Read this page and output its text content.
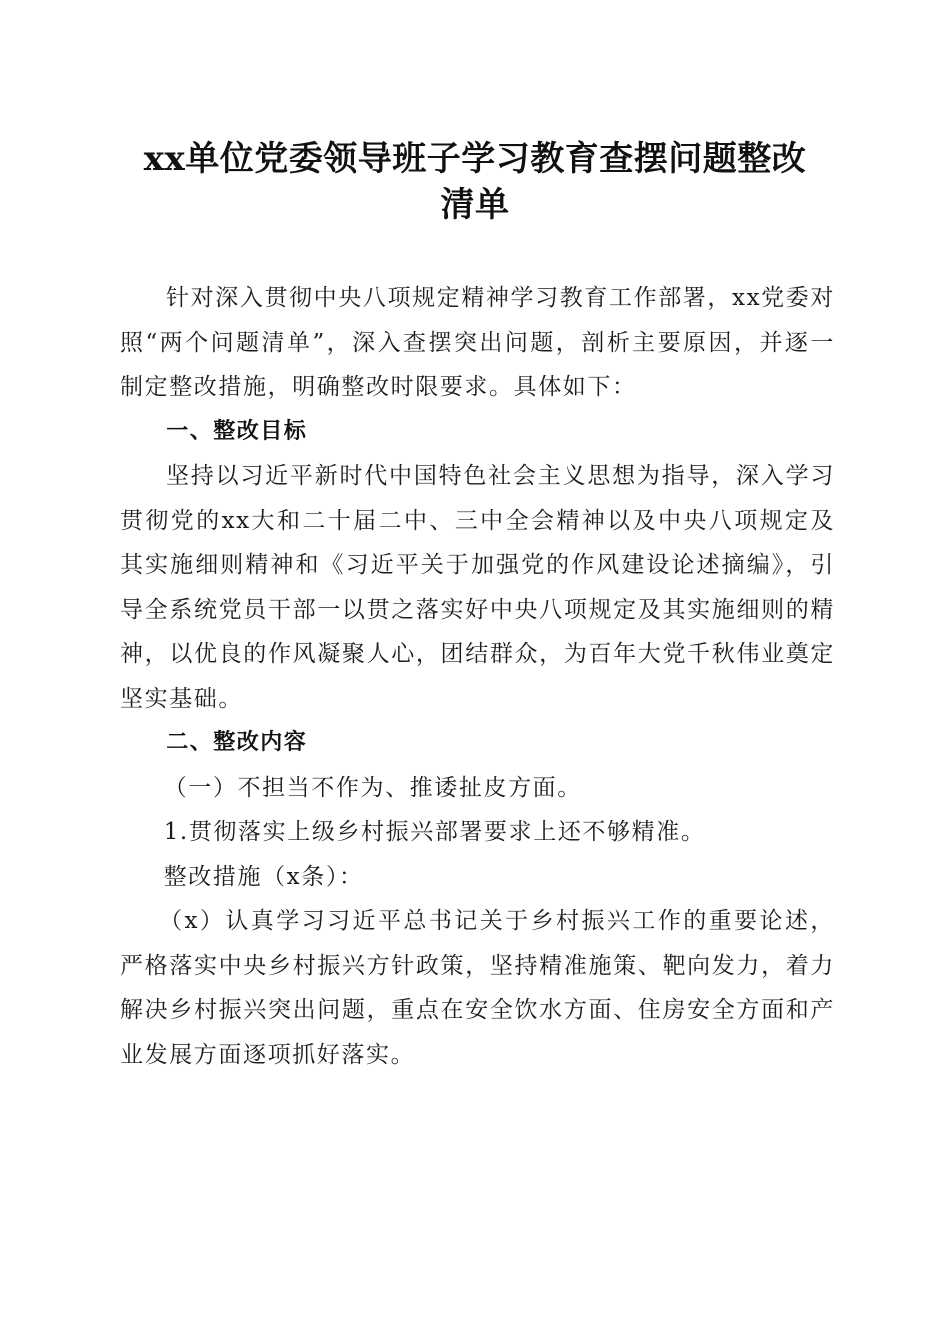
xx单位党委领导班子学习教育查摆问题整改
清单

针对深入贯彻中央八项规定精神学习教育工作部署，xx党委对照“两个问题清单”，深入查摆突出问题，剖析主要原因，并逐一制定整改措施，明确整改时限要求。具体如下：

一、整改目标

坚持以习近平新时代中国特色社会主义思想为指导，深入学习贯彻党的xx大和二十届二中、三中全会精神以及中央八项规定及其实施细则精神和《习近平关于加强党的作风建设论述摘编》，引导全系统党员干部一以贯之落实好中央八项规定及其实施细则的精神，以优良的作风凝聚人心，团结群众，为百年大党千秋伟业奠定坚实基础。

二、整改内容

（一）不担当不作为、推诿扯皮方面。

1.贯彻落实上级乡村振兴部署要求上还不够精准。

整改措施（x条）：

（x）认真学习习近平总书记关于乡村振兴工作的重要论述，严格落实中央乡村振兴方针政策，坚持精准施策、靶向发力，着力解决乡村振兴突出问题，重点在安全饮水方面、住房安全方面和产业发展方面逐项抓好落实。
